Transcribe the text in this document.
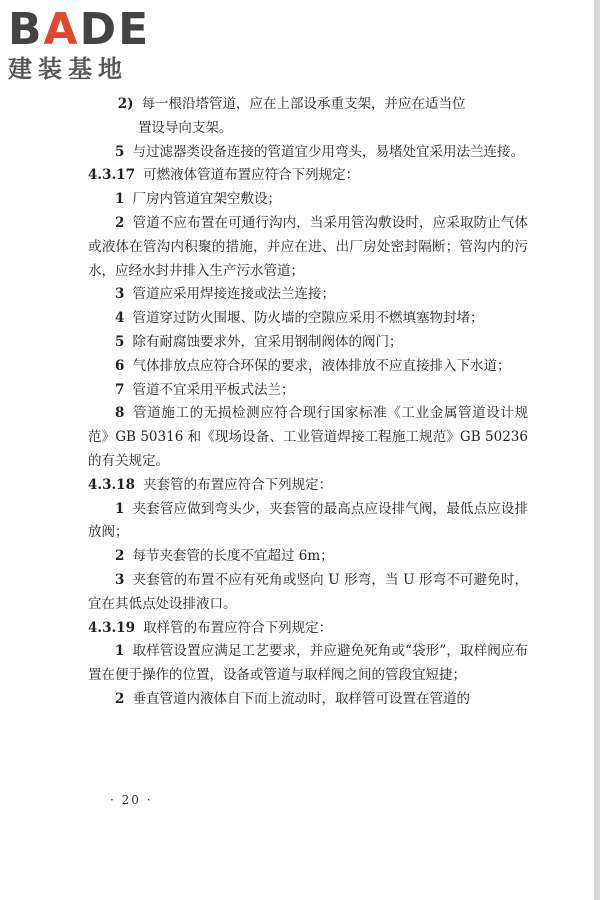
BADE
建装基地

2) 每一根沿塔管道，应在上部设承重支架，并应在适当位
置设导向支架。

5 与过滤器类设备连接的管道宜少用弯头，易堵处宜采用法兰连接。

4.3.17 可燃液体管道布置应符合下列规定：

1 厂房内管道宜架空敷设；

2 管道不应布置在可通行沟内，当采用管沟敷设时，应采取防止气体或液体在管沟内积聚的措施，并应在进、出厂房处密封隔断；管沟内的污水，应经水封井排入生产污水管道；

3 管道应采用焊接连接或法兰连接；

4 管道穿过防火围堰、防火墙的空隙应采用不燃填塞物封堵；

5 除有耐腐蚀要求外，宜采用钢制阀体的阀门；

6 气体排放点应符合环保的要求，液体排放不应直接排入下水道；

7 管道不宜采用平板式法兰；

8 管道施工的无损检测应符合现行国家标准《工业金属管道设计规范》GB 50316 和《现场设备、工业管道焊接工程施工规范》GB 50236 的有关规定。

4.3.18 夹套管的布置应符合下列规定：

1 夹套管应做到弯头少，夹套管的最高点应设排气阀，最低点应设排放阀；

2 每节夹套管的长度不宜超过 6m；

3 夹套管的布置不应有死角或竖向 U 形弯，当 U 形弯不可避免时，宜在其低点处设排液口。

4.3.19 取样管的布置应符合下列规定：

1 取样管设置应满足工艺要求，并应避免死角或“袋形”，取样阀应布置在便于操作的位置，设备或管道与取样阀之间的管段宜短捷；

2 垂直管道内液体自下而上流动时，取样管可设置在管道的

· 20 ·
